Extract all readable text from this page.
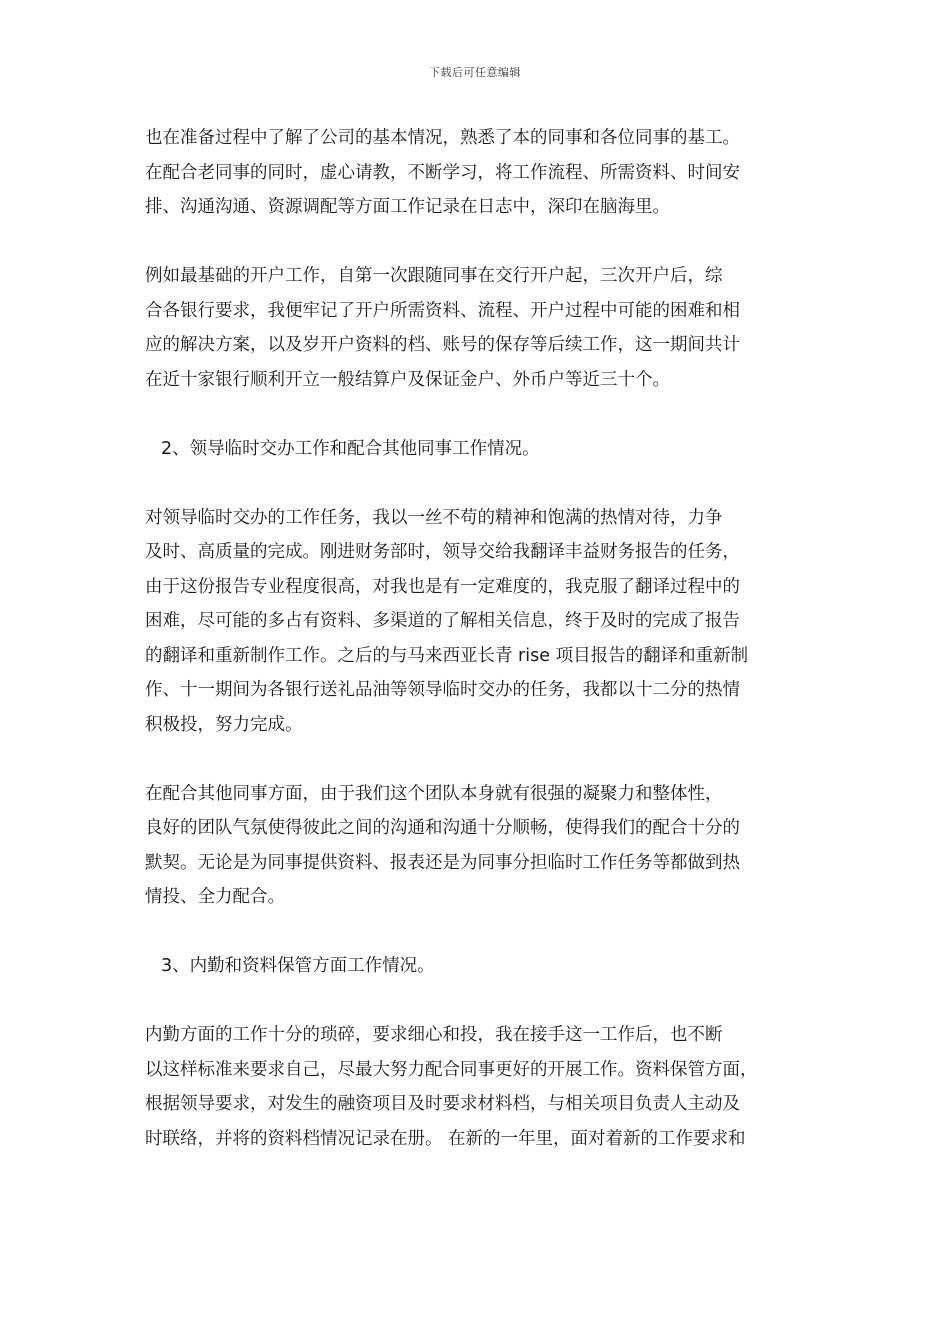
下载后可任意编辑
也在准备过程中了解了公司的基本情况，熟悉了本的同事和各位同事的基工。
在配合老同事的同时，虚心请教，不断学习，将工作流程、所需资料、时间安
排、沟通沟通、资源调配等方面工作记录在日志中，深印在脑海里。
例如最基础的开户工作，自第一次跟随同事在交行开户起，三次开户后，综
合各银行要求，我便牢记了开户所需资料、流程、开户过程中可能的困难和相
应的解决方案，以及岁开户资料的档、账号的保存等后续工作，这一期间共计
在近十家银行顺利开立一般结算户及保证金户、外币户等近三十个。
2、领导临时交办工作和配合其他同事工作情况。
对领导临时交办的工作任务，我以一丝不苟的精神和饱满的热情对待，力争
及时、高质量的完成。刚进财务部时，领导交给我翻译丰益财务报告的任务，
由于这份报告专业程度很高，对我也是有一定难度的，我克服了翻译过程中的
困难，尽可能的多占有资料、多渠道的了解相关信息，终于及时的完成了报告
的翻译和重新制作工作。之后的与马来西亚长青 rise 项目报告的翻译和重新制
作、十一期间为各银行送礼品油等领导临时交办的任务，我都以十二分的热情
积极投，努力完成。
在配合其他同事方面，由于我们这个团队本身就有很强的凝聚力和整体性，
良好的团队气氛使得彼此之间的沟通和沟通十分顺畅，使得我们的配合十分的
默契。无论是为同事提供资料、报表还是为同事分担临时工作任务等都做到热
情投、全力配合。
3、内勤和资料保管方面工作情况。
内勤方面的工作十分的琐碎，要求细心和投，我在接手这一工作后，也不断
以这样标准来要求自己，尽最大努力配合同事更好的开展工作。资料保管方面，
根据领导要求，对发生的融资项目及时要求材料档，与相关项目负责人主动及
时联络，并将的资料档情况记录在册。 在新的一年里，面对着新的工作要求和
